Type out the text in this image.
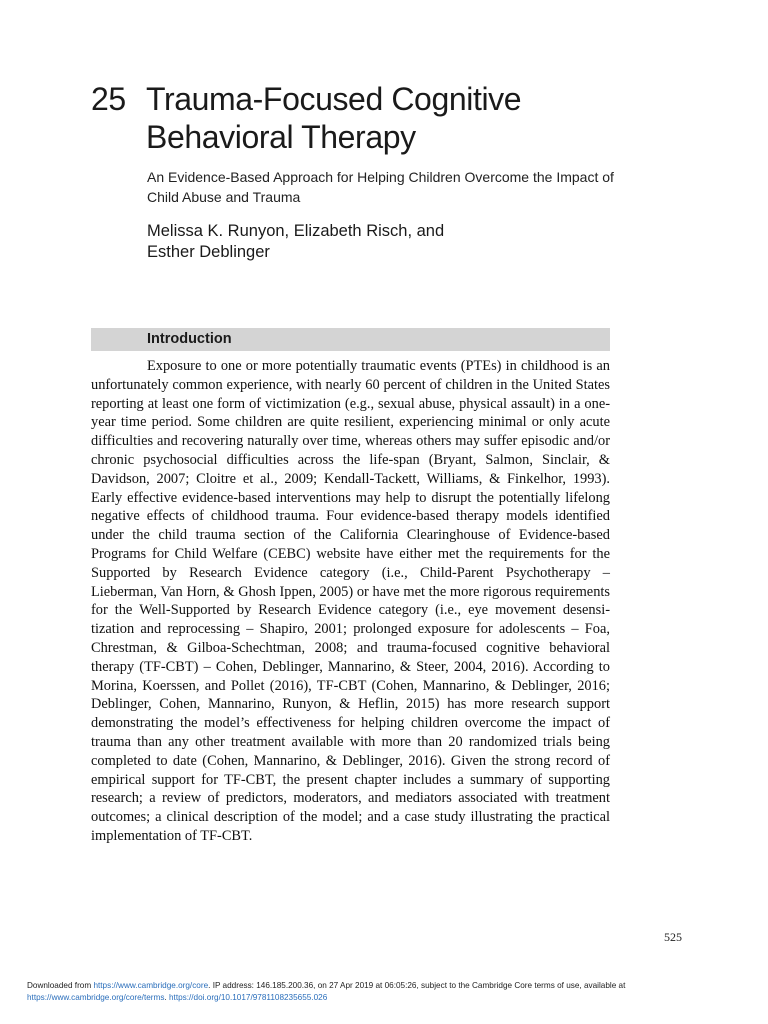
25 Trauma-Focused Cognitive Behavioral Therapy
An Evidence-Based Approach for Helping Children Overcome the Impact of Child Abuse and Trauma
Melissa K. Runyon, Elizabeth Risch, and
Esther Deblinger
Introduction

Exposure to one or more potentially traumatic events (PTEs) in childhood is an unfortunately common experience, with nearly 60 percent of children in the United States reporting at least one form of victimization (e.g., sexual abuse, physical assault) in a one-year time period. Some children are quite resilient, experiencing minimal or only acute difficulties and recovering naturally over time, whereas others may suffer episodic and/or chronic psychosocial difficulties across the life-span (Bryant, Salmon, Sinclair, & Davidson, 2007; Cloitre et al., 2009; Kendall-Tackett, Williams, & Finkelhor, 1993). Early effective evidence-based interventions may help to disrupt the potentially lifelong negative effects of childhood trauma. Four evidence-based therapy models identified under the child trauma section of the California Clearinghouse of Evidence-based Programs for Child Welfare (CEBC) website have either met the requirements for the Supported by Research Evidence category (i.e., Child-Parent Psychotherapy – Lieberman, Van Horn, & Ghosh Ippen, 2005) or have met the more rigorous requirements for the Well-Supported by Research Evidence category (i.e., eye movement desensitization and reprocessing – Shapiro, 2001; prolonged exposure for adolescents – Foa, Chrestman, & Gilboa-Schechtman, 2008; and trauma-focused cognitive behavioral therapy (TF-CBT) – Cohen, Deblinger, Mannarino, & Steer, 2004, 2016). According to Morina, Koerssen, and Pollet (2016), TF-CBT (Cohen, Mannarino, & Deblinger, 2016; Deblinger, Cohen, Mannarino, Runyon, & Heflin, 2015) has more research support demonstrating the model’s effectiveness for helping children overcome the impact of trauma than any other treatment available with more than 20 randomized trials being completed to date (Cohen, Mannarino, & Deblinger, 2016). Given the strong record of empirical support for TF-CBT, the present chapter includes a summary of supporting research; a review of predictors, moderators, and mediators associated with treatment outcomes; a clinical description of the model; and a case study illustrating the practical implementation of TF-CBT.

525
Downloaded from https://www.cambridge.org/core. IP address: 146.185.200.36, on 27 Apr 2019 at 06:05:26, subject to the Cambridge Core terms of use, available at
https://www.cambridge.org/core/terms. https://doi.org/10.1017/9781108235655.026
